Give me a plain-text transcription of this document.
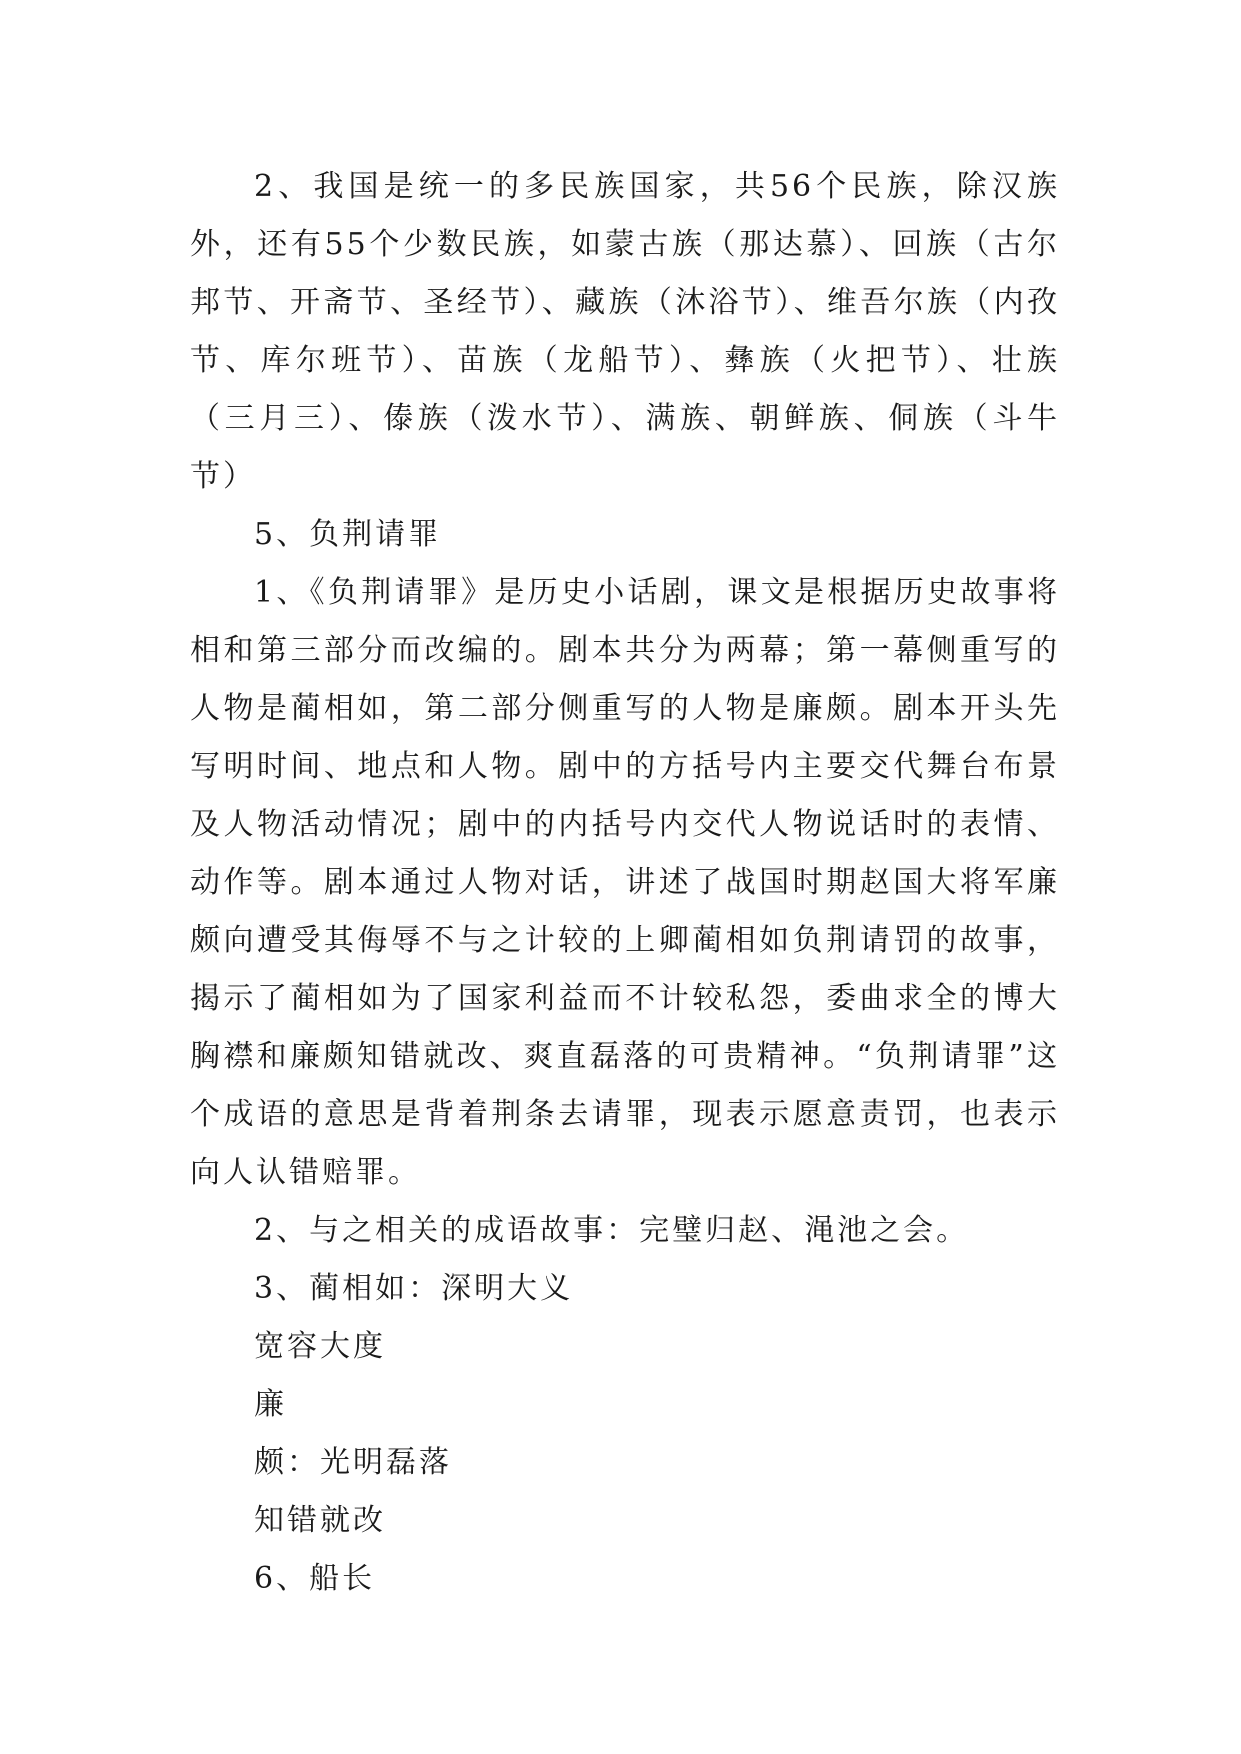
2、我国是统一的多民族国家，共56个民族，除汉族外，还有55个少数民族，如蒙古族（那达慕）、回族（古尔邦节、开斋节、圣经节）、藏族（沐浴节）、维吾尔族（内孜节、库尔班节）、苗族（龙船节）、彝族（火把节）、壮族（三月三）、傣族（泼水节）、满族、朝鲜族、侗族（斗牛节）

5、负荆请罪

1、《负荆请罪》是历史小话剧，课文是根据历史故事将相和第三部分而改编的。剧本共分为两幕；第一幕侧重写的人物是蔺相如，第二部分侧重写的人物是廉颇。剧本开头先写明时间、地点和人物。剧中的方括号内主要交代舞台布景及人物活动情况；剧中的内括号内交代人物说话时的表情、动作等。剧本通过人物对话，讲述了战国时期赵国大将军廉颇向遭受其侮辱不与之计较的上卿蔺相如负荆请罚的故事，揭示了蔺相如为了国家利益而不计较私怨，委曲求全的博大胸襟和廉颇知错就改、爽直磊落的可贵精神。“负荆请罪”这个成语的意思是背着荆条去请罪，现表示愿意责罚，也表示向人认错赔罪。

2、与之相关的成语故事：完璧归赵、渑池之会。

3、蔺相如：深明大义

宽容大度

廉

颇：光明磊落

知错就改

6、船长
